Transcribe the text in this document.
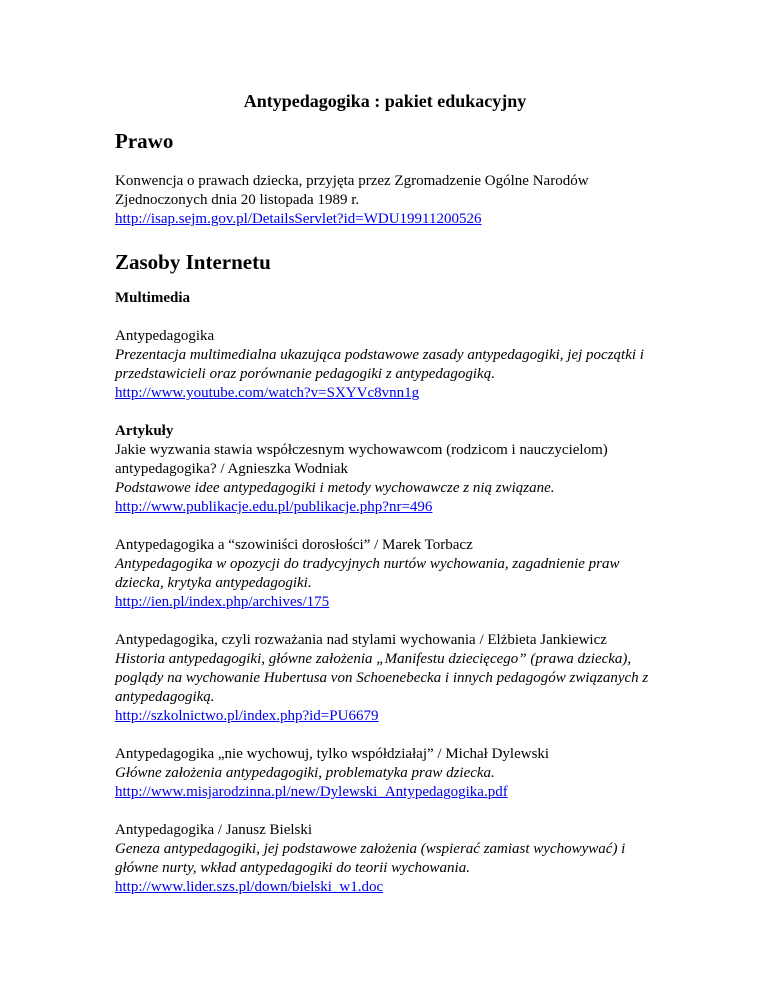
Antypedagogika : pakiet edukacyjny
Prawo

Konwencja o prawach dziecka, przyjęta przez Zgromadzenie Ogólne Narodów Zjednoczonych dnia 20 listopada 1989 r.
http://isap.sejm.gov.pl/DetailsServlet?id=WDU19911200526

Zasoby Internetu
Multimedia

Antypedagogika
Prezentacja multimedialna ukazująca podstawowe zasady antypedagogiki, jej początki i przedstawicieli oraz porównanie pedagogiki z antypedagogiką.
http://www.youtube.com/watch?v=SXYVc8vnn1g

Artykuły

Jakie wyzwania stawia współczesnym wychowawcom (rodzicom i nauczycielom) antypedagogika? / Agnieszka Wodniak
Podstawowe idee antypedagogiki i metody wychowawcze z nią związane.
http://www.publikacje.edu.pl/publikacje.php?nr=496

Antypedagogika a “szowiniści dorosłości” / Marek Torbacz
Antypedagogika w opozycji do tradycyjnych nurtów wychowania, zagadnienie praw dziecka, krytyka antypedagogiki.
http://ien.pl/index.php/archives/175

Antypedagogika, czyli rozważania nad stylami wychowania / Elżbieta Jankiewicz
Historia antypedagogiki, główne założenia „Manifestu dziecięcego” (prawa dziecka), poglądy na wychowanie Hubertusa von Schoenebecka i innych pedagogów związanych z antypedagogiką.
http://szkolnictwo.pl/index.php?id=PU6679

Antypedagogika „nie wychowuj, tylko współdziałaj” / Michał Dylewski
Główne założenia antypedagogiki, problematyka praw dziecka.
http://www.misjarodzinna.pl/new/Dylewski_Antypedagogika.pdf

Antypedagogika / Janusz Bielski
Geneza antypedagogiki, jej podstawowe założenia (wspierać zamiast wychowywać) i główne nurty, wkład antypedagogiki do teorii wychowania.
http://www.lider.szs.pl/down/bielski_w1.doc
